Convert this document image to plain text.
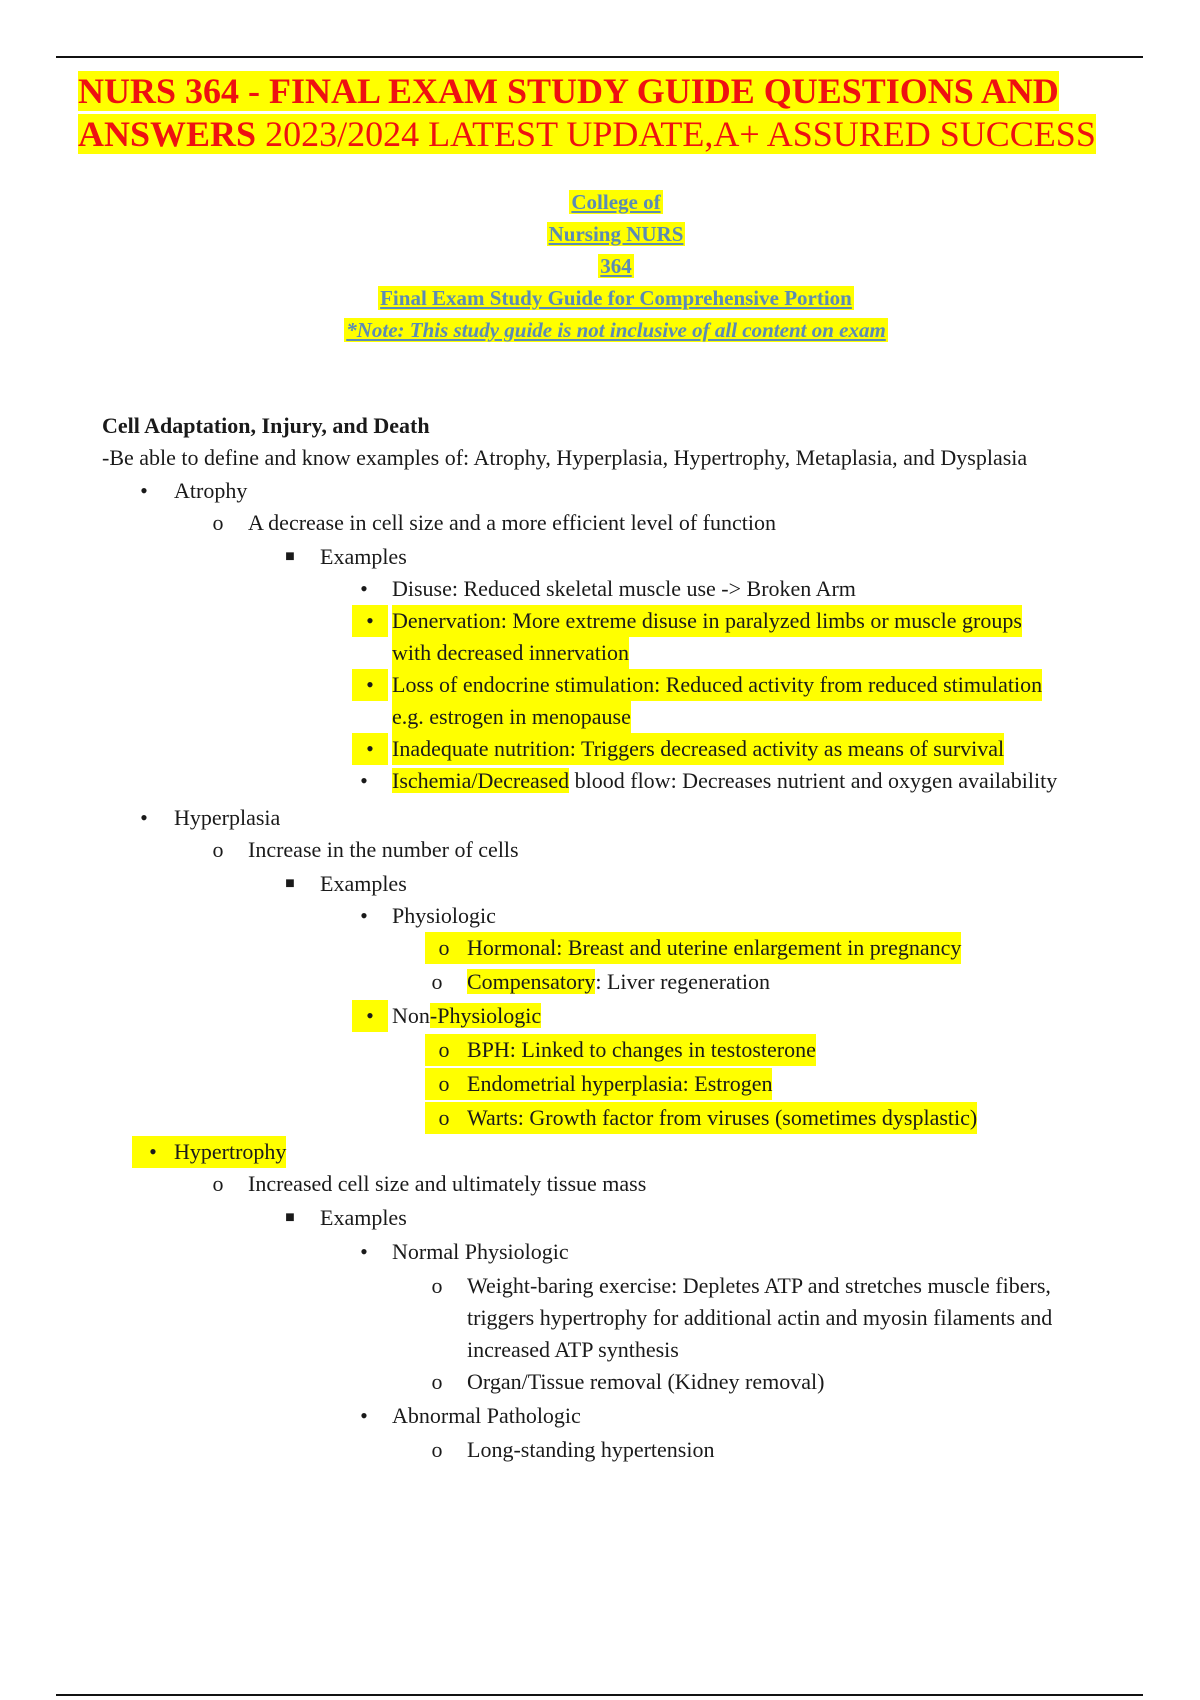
NURS 364 - FINAL EXAM STUDY GUIDE QUESTIONS AND
ANSWERS 2023/2024 LATEST UPDATE,A+ ASSURED SUCCESS
College of
Nursing NURS
364
Final Exam Study Guide for Comprehensive Portion
*Note: This study guide is not inclusive of all content on exam
Cell Adaptation, Injury, and Death
-Be able to define and know examples of: Atrophy, Hyperplasia, Hypertrophy, Metaplasia, and Dysplasia
•	Atrophy
o A decrease in cell size and a more efficient level of function
■	Examples
•	Disuse: Reduced skeletal muscle use -> Broken Arm
• Denervation: More extreme disuse in paralyzed limbs or muscle groups
with decreased innervation
• Loss of endocrine stimulation: Reduced activity from reduced stimulation
e.g. estrogen in menopause
• Inadequate nutrition: Triggers decreased activity as means of survival
•	Ischemia/Decreased blood flow: Decreases nutrient and oxygen availability
•	Hyperplasia
o Increase in the number of cells
■	Examples
•	Physiologic
o Hormonal: Breast and uterine enlargement in pregnancy
o Compensatory: Liver regeneration
• Non-Physiologic
o BPH: Linked to changes in testosterone
o Endometrial hyperplasia: Estrogen
o Warts: Growth factor from viruses (sometimes dysplastic)
• Hypertrophy
o Increased cell size and ultimately tissue mass
■	Examples
•	Normal Physiologic
o Weight-baring exercise: Depletes ATP and stretches muscle fibers,
triggers hypertrophy for additional actin and myosin filaments and
increased ATP synthesis
o Organ/Tissue removal (Kidney removal)
•	Abnormal Pathologic
o Long-standing hypertension
